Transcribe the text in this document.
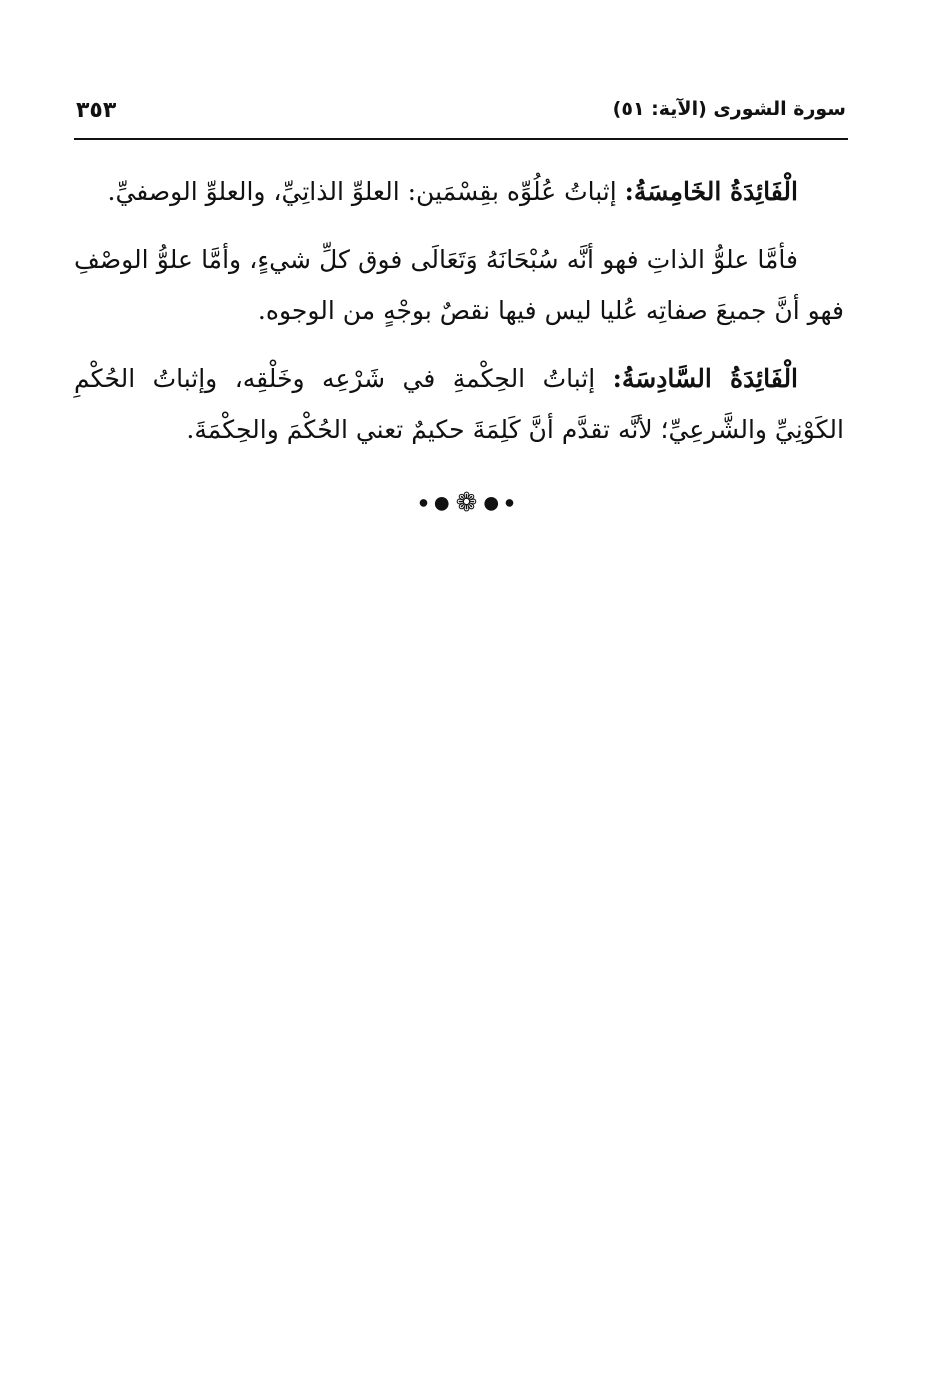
٣٥٣	سورة الشورى (الآية: ٥١)

الْفَائِدَةُ الخَامِسَةُ: إثباتُ عُلُوِّه بقِسْمَين: العلوِّ الذاتِيِّ، والعلوِّ الوصفيِّ.

فأمَّا علوُّ الذاتِ فهو أنَّه سُبْحَانَهُ وَتَعَالَى فوق كلِّ شيءٍ، وأمَّا علوُّ الوصْفِ فهو أنَّ جميعَ صفاتِه عُليا ليس فيها نقصٌ بوجْهٍ من الوجوه.

الْفَائِدَةُ السَّادِسَةُ: إثباتُ الحِكْمةِ في شَرْعِه وخَلْقِه، وإثباتُ الحُكْمِ الكَوْنِيِّ والشَّرعِيِّ؛ لأنَّه تقدَّم أنَّ كَلِمَةَ حكيمٌ تعني الحُكْمَ والحِكْمَةَ.

●●❁●●
